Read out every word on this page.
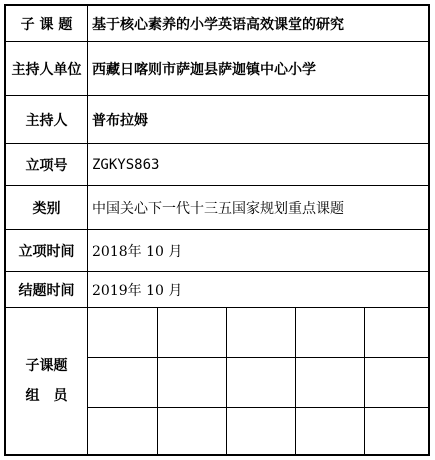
子 课 题	基于核心素养的小学英语高效课堂的研究
主持人单位 西藏日喀则市萨迦县萨迦镇中心小学
主持人	普布拉姆
立项号	ZGKYS863
类别	中国关心下一代十三五国家规划重点课题
立项时间	2018年 10 月
结题时间	2019年 10 月
子课题
组员
